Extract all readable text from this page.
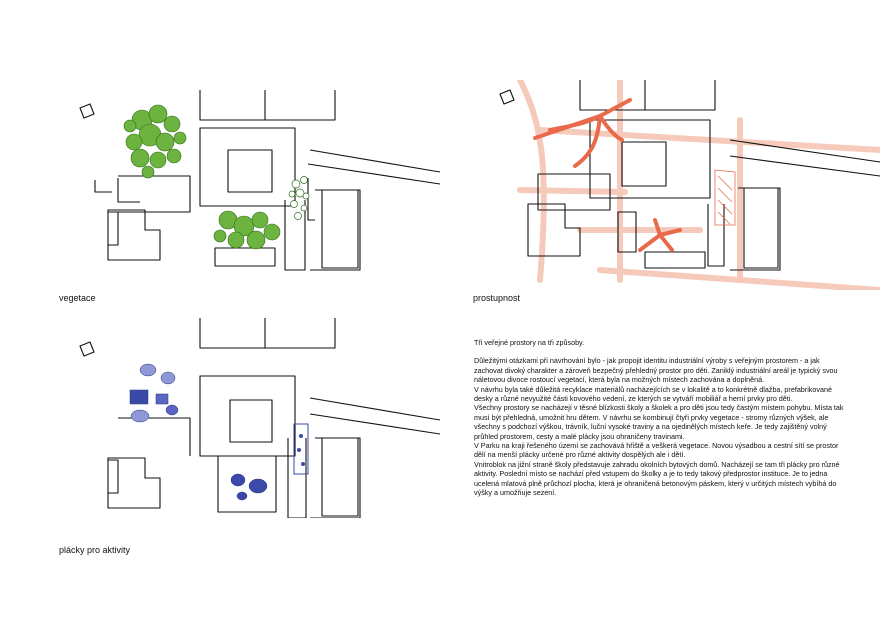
vegetace	prostupnost
plácky pro aktivity

Tři veřejné prostory na tři způsoby.

Důležitými otázkami při navrhování bylo - jak propojit identitu industriální výroby s veřejným prostorem - a jak zachovat divoký charakter a zároveň bezpečný přehledný prostor pro děti. Zaniklý industriální areál je typický svou náletovou divoce rostoucí vegetací, která byla na možných místech zachována a doplněná.

V návrhu byla také důležitá recyklace materiálů nacházejících se v lokalitě a to konkrétně dlažba, prefabrikované desky a různé nevyužité části kovového vedení, ze kterých se vytváří mobiliář a herní prvky pro děti.

Všechny prostory se nacházejí v těsné blízkosti školy a školek a pro děti jsou tedy častým místem pohybu. Místa tak musí být přehledná, umožnit hru dětem. V návrhu se kombinují čtyři prvky vegetace - stromy různých výšek, ale všechny s podchozí výškou, trávník, luční vysoké traviny a na ojedinělých místech keře. Je tedy zajištěný volný průhled prostorem, cesty a malé plácky jsou ohraničeny travinami.

V Parku na kraji řešeného území se zachovává hřiště a veškerá vegetace. Novou výsadbou a cestní sítí se prostor dělí na menší plácky určené pro různé aktivity dospělých ale i dětí.

Vnitroblok na jižní straně školy představuje zahradu okolních bytových domů. Nacházejí se tam tři plácky pro různé aktivity. Poslední místo se nachází před vstupem do školky a je to tedy takový předprostor instituce. Je to jedna ucelená mlatová plně průchozí plocha, která je ohraničená betonovým páskem, který v určitých místech vybíhá do výšky a umožňuje sezení.
